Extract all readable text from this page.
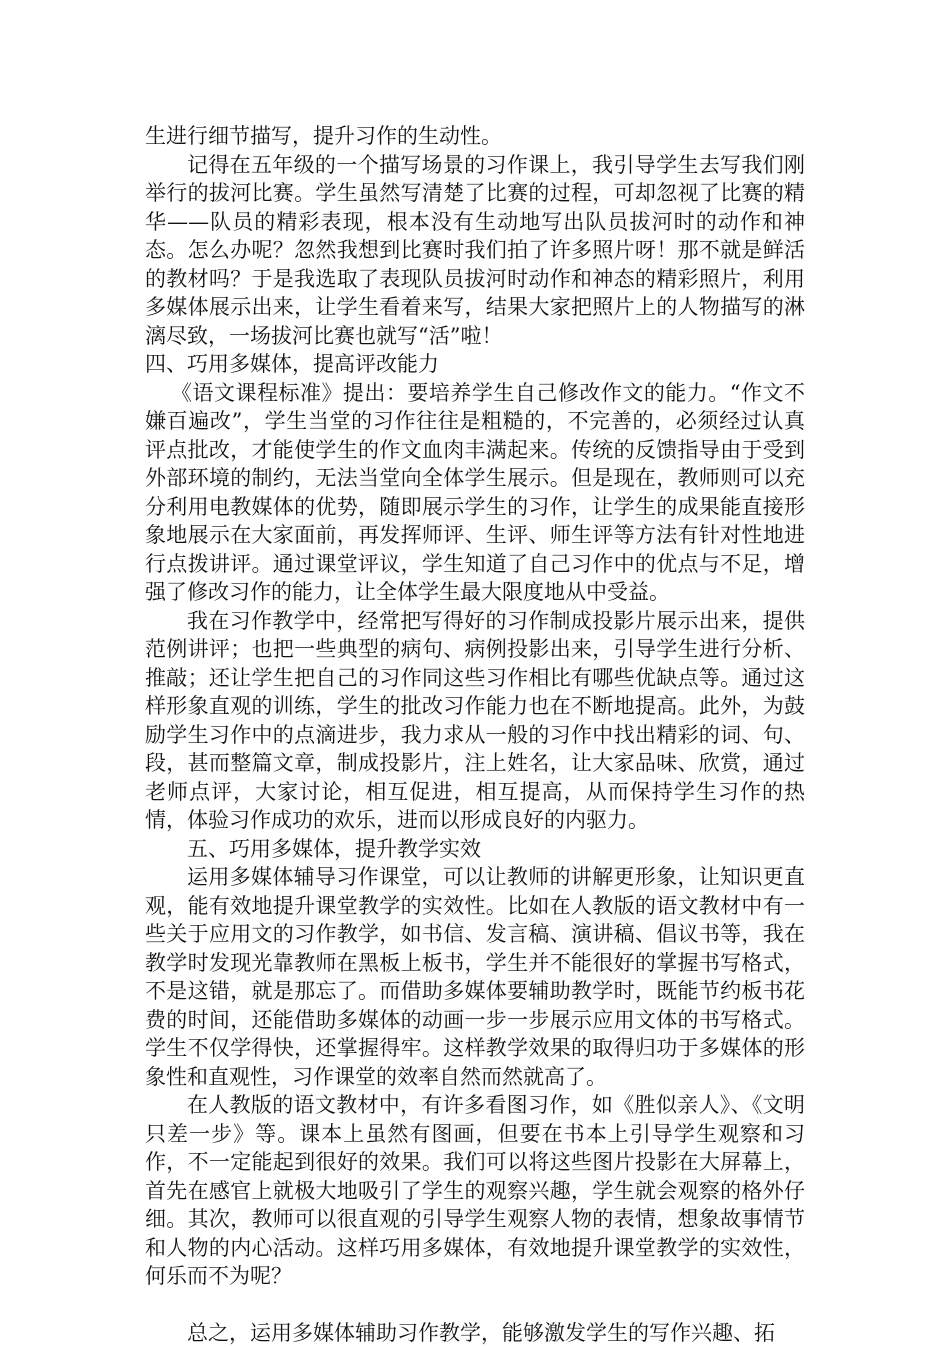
生进行细节描写，提升习作的生动性。

记得在五年级的一个描写场景的习作课上，我引导学生去写我们刚举行的拔河比赛。学生虽然写清楚了比赛的过程，可却忽视了比赛的精华——队员的精彩表现，根本没有生动地写出队员拔河时的动作和神态。怎么办呢？忽然我想到比赛时我们拍了许多照片呀！那不就是鲜活的教材吗？于是我选取了表现队员拔河时动作和神态的精彩照片，利用多媒体展示出来，让学生看着来写，结果大家把照片上的人物描写的淋漓尽致，一场拔河比赛也就写“活”啦！

四、巧用多媒体，提高评改能力

《语文课程标准》提出：要培养学生自己修改作文的能力。“作文不嫌百遍改”，学生当堂的习作往往是粗糙的，不完善的，必须经过认真评点批改，才能使学生的作文血肉丰满起来。传统的反馈指导由于受到外部环境的制约，无法当堂向全体学生展示。但是现在，教师则可以充分利用电教媒体的优势，随即展示学生的习作，让学生的成果能直接形象地展示在大家面前，再发挥师评、生评、师生评等方法有针对性地进行点拨讲评。通过课堂评议，学生知道了自己习作中的优点与不足，增强了修改习作的能力，让全体学生最大限度地从中受益。

我在习作教学中，经常把写得好的习作制成投影片展示出来，提供范例讲评；也把一些典型的病句、病例投影出来，引导学生进行分析、推敲；还让学生把自己的习作同这些习作相比有哪些优缺点等。通过这样形象直观的训练，学生的批改习作能力也在不断地提高。此外，为鼓励学生习作中的点滴进步，我力求从一般的习作中找出精彩的词、句、段，甚而整篇文章，制成投影片，注上姓名，让大家品味、欣赏，通过老师点评，大家讨论，相互促进，相互提高，从而保持学生习作的热情，体验习作成功的欢乐，进而以形成良好的内驱力。

五、巧用多媒体，提升教学实效

运用多媒体辅导习作课堂，可以让教师的讲解更形象，让知识更直观，能有效地提升课堂教学的实效性。比如在人教版的语文教材中有一些关于应用文的习作教学，如书信、发言稿、演讲稿、倡议书等，我在教学时发现光靠教师在黑板上板书，学生并不能很好的掌握书写格式，不是这错，就是那忘了。而借助多媒体要辅助教学时，既能节约板书花费的时间，还能借助多媒体的动画一步一步展示应用文体的书写格式。学生不仅学得快，还掌握得牢。这样教学效果的取得归功于多媒体的形象性和直观性，习作课堂的效率自然而然就高了。

在人教版的语文教材中，有许多看图习作，如《胜似亲人》、《文明只差一步》等。课本上虽然有图画，但要在书本上引导学生观察和习作，不一定能起到很好的效果。我们可以将这些图片投影在大屏幕上，首先在感官上就极大地吸引了学生的观察兴趣，学生就会观察的格外仔细。其次，教师可以很直观的引导学生观察人物的表情，想象故事情节和人物的内心活动。这样巧用多媒体，有效地提升课堂教学的实效性，何乐而不为呢？

总之，运用多媒体辅助习作教学，能够激发学生的写作兴趣、拓
